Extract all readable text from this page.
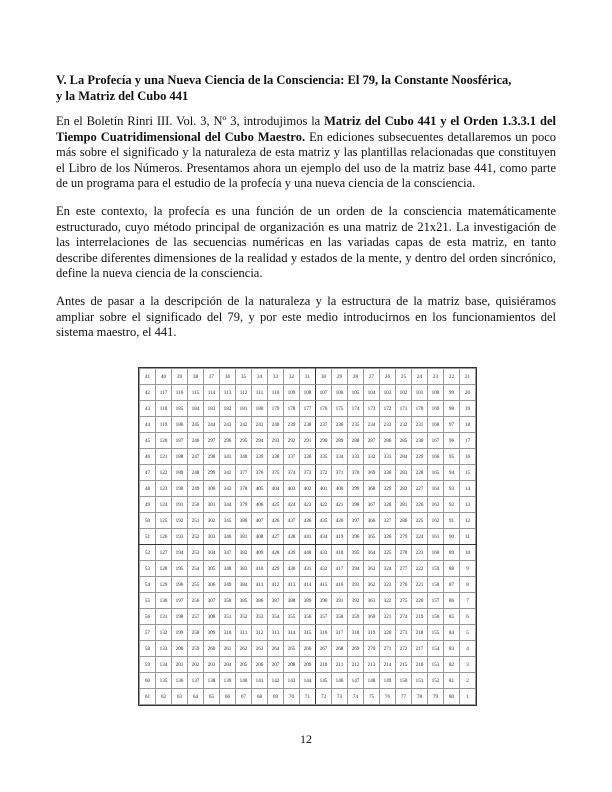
V. La Profecía y una Nueva Ciencia de la Consciencia: El 79, la Constante Noosférica,
y la Matriz del Cubo 441

En el Boletín Rinri III. Vol. 3, Nº 3, introdujimos la Matriz del Cubo 441 y el Orden 1.3.3.1 del Tiempo Cuatridimensional del Cubo Maestro. En ediciones subsecuentes detallaremos un poco más sobre el significado y la naturaleza de esta matriz y las plantillas relacionadas que constituyen el Libro de los Números. Presentamos ahora un ejemplo del uso de la matriz base 441, como parte de un programa para el estudio de la profecía y una nueva ciencia de la consciencia.

En este contexto, la profecía es una función de un orden de la consciencia matemáticamente estructurado, cuyo método principal de organización es una matriz de 21x21. La investigación de las interrelaciones de las secuencias numéricas en las variadas capas de esta matriz, en tanto describe diferentes dimensiones de la realidad y estados de la mente, y dentro del orden sincrónico, define la nueva ciencia de la consciencia.

Antes de pasar a la descripción de la naturaleza y la estructura de la matriz base, quisiéramos ampliar sobre el significado del 79, y por este medio introducirnos en los funcionamientos del sistema maestro, el 441.

41	40	39	38	37	36	35	34	33	32	31	30	29	28	27	26	25	24	23	22	21
42	117	116	115	114	113	112	111	110	109	108	107	106	105	104	103	102	101	100	99	20
43	118	185	184	183	182	181	180	179	178	177	176	175	174	173	172	171	170	169	98	19
44	119	186	245	244	243	242	241	240	239	238	237	236	235	234	233	232	231	168	97	18
45	120	187	246	297	296	295	294	293	292	291	290	289	288	287	286	285	230	167	96	17
46	121	188	247	298	341	340	339	338	337	336	335	334	333	332	331	284	229	166	95	16
47	122	189	248	299	342	377	376	375	374	373	372	371	370	369	330	283	228	165	94	15
48	123	190	249	300	343	378	405	404	403	402	401	400	399	368	329	282	227	164	93	14
49	124	191	250	301	344	379	406	425	424	423	422	421	398	367	328	281	226	163	92	13
50	125	192	251	302	345	380	407	426	437	436	435	420	397	366	327	280	225	162	91	12
51	126	193	252	303	346	381	408	427	438	441	434	419	396	365	326	279	224	161	90	11
52	127	194	253	304	347	382	409	428	439	440	433	418	395	364	325	278	223	160	89	10
53	128	195	254	305	348	383	410	429	430	431	432	417	394	363	324	277	222	159	88	9
54	129	196	255	306	349	384	411	412	413	414	415	416	393	362	323	276	221	158	87	8
55	130	197	256	307	350	385	386	387	388	389	390	391	392	361	322	275	220	157	86	7
56	131	198	257	308	351	352	353	354	355	356	357	358	359	360	321	274	219	156	85	6
57	132	199	258	309	310	311	312	313	314	315	316	317	318	319	320	273	218	155	84	5
58	133	200	259	260	261	262	263	264	265	266	267	268	269	270	271	272	217	154	83	4
59	134	201	202	203	204	205	206	207	208	209	210	211	212	213	214	215	216	153	82	3
60	135	136	137	138	139	140	141	142	143	144	145	146	147	148	149	150	151	152	81	2
61	62	63	64	65	66	67	68	69	70	71	72	73	74	75	76	77	78	79	80	1
12
